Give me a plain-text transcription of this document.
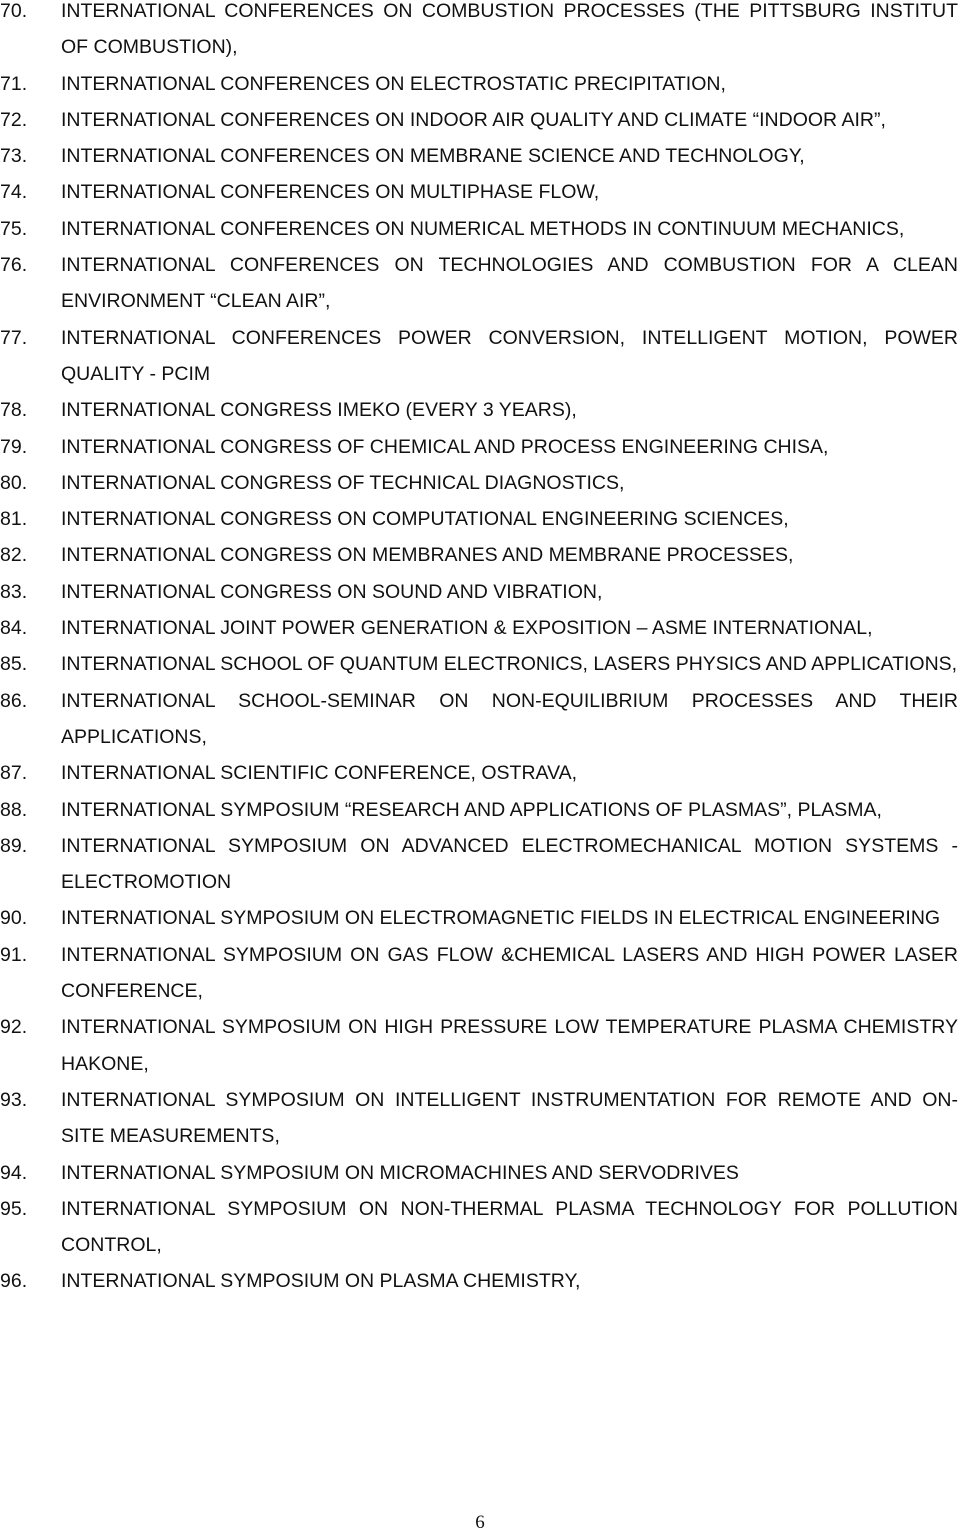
70. INTERNATIONAL CONFERENCES ON COMBUSTION PROCESSES (THE PITTSBURG INSTITUT OF COMBUSTION),
71. INTERNATIONAL CONFERENCES ON ELECTROSTATIC PRECIPITATION,
72. INTERNATIONAL CONFERENCES ON INDOOR AIR QUALITY AND CLIMATE “INDOOR AIR”,
73. INTERNATIONAL CONFERENCES ON MEMBRANE SCIENCE AND TECHNOLOGY,
74. INTERNATIONAL CONFERENCES ON MULTIPHASE FLOW,
75. INTERNATIONAL CONFERENCES ON NUMERICAL METHODS IN CONTINUUM MECHANICS,
76. INTERNATIONAL CONFERENCES ON TECHNOLOGIES AND COMBUSTION FOR A CLEAN ENVIRONMENT “CLEAN AIR”,
77. INTERNATIONAL CONFERENCES POWER CONVERSION, INTELLIGENT MOTION, POWER QUALITY - PCIM
78. INTERNATIONAL CONGRESS IMEKO (EVERY 3 YEARS),
79. INTERNATIONAL CONGRESS OF CHEMICAL AND PROCESS ENGINEERING CHISA,
80. INTERNATIONAL CONGRESS OF TECHNICAL DIAGNOSTICS,
81. INTERNATIONAL CONGRESS ON COMPUTATIONAL ENGINEERING SCIENCES,
82. INTERNATIONAL CONGRESS ON MEMBRANES AND MEMBRANE PROCESSES,
83. INTERNATIONAL CONGRESS ON SOUND AND VIBRATION,
84. INTERNATIONAL JOINT POWER GENERATION & EXPOSITION – ASME INTERNATIONAL,
85. INTERNATIONAL SCHOOL OF QUANTUM ELECTRONICS, LASERS PHYSICS AND APPLICATIONS,
86. INTERNATIONAL SCHOOL-SEMINAR ON NON-EQUILIBRIUM PROCESSES AND THEIR APPLICATIONS,
87. INTERNATIONAL SCIENTIFIC CONFERENCE, OSTRAVA,
88. INTERNATIONAL SYMPOSIUM “RESEARCH AND APPLICATIONS OF PLASMAS”, PLASMA,
89. INTERNATIONAL SYMPOSIUM ON ADVANCED ELECTROMECHANICAL MOTION SYSTEMS - ELECTROMOTION
90. INTERNATIONAL SYMPOSIUM ON ELECTROMAGNETIC FIELDS IN ELECTRICAL ENGINEERING
91. INTERNATIONAL SYMPOSIUM ON GAS FLOW &CHEMICAL LASERS AND HIGH POWER LASER CONFERENCE,
92. INTERNATIONAL SYMPOSIUM ON HIGH PRESSURE LOW TEMPERATURE PLASMA CHEMISTRY HAKONE,
93. INTERNATIONAL SYMPOSIUM ON INTELLIGENT INSTRUMENTATION FOR REMOTE AND ON-SITE MEASUREMENTS,
94. INTERNATIONAL SYMPOSIUM ON MICROMACHINES AND SERVODRIVES
95. INTERNATIONAL SYMPOSIUM ON NON-THERMAL PLASMA TECHNOLOGY FOR POLLUTION CONTROL,
96. INTERNATIONAL SYMPOSIUM ON PLASMA CHEMISTRY,
6
